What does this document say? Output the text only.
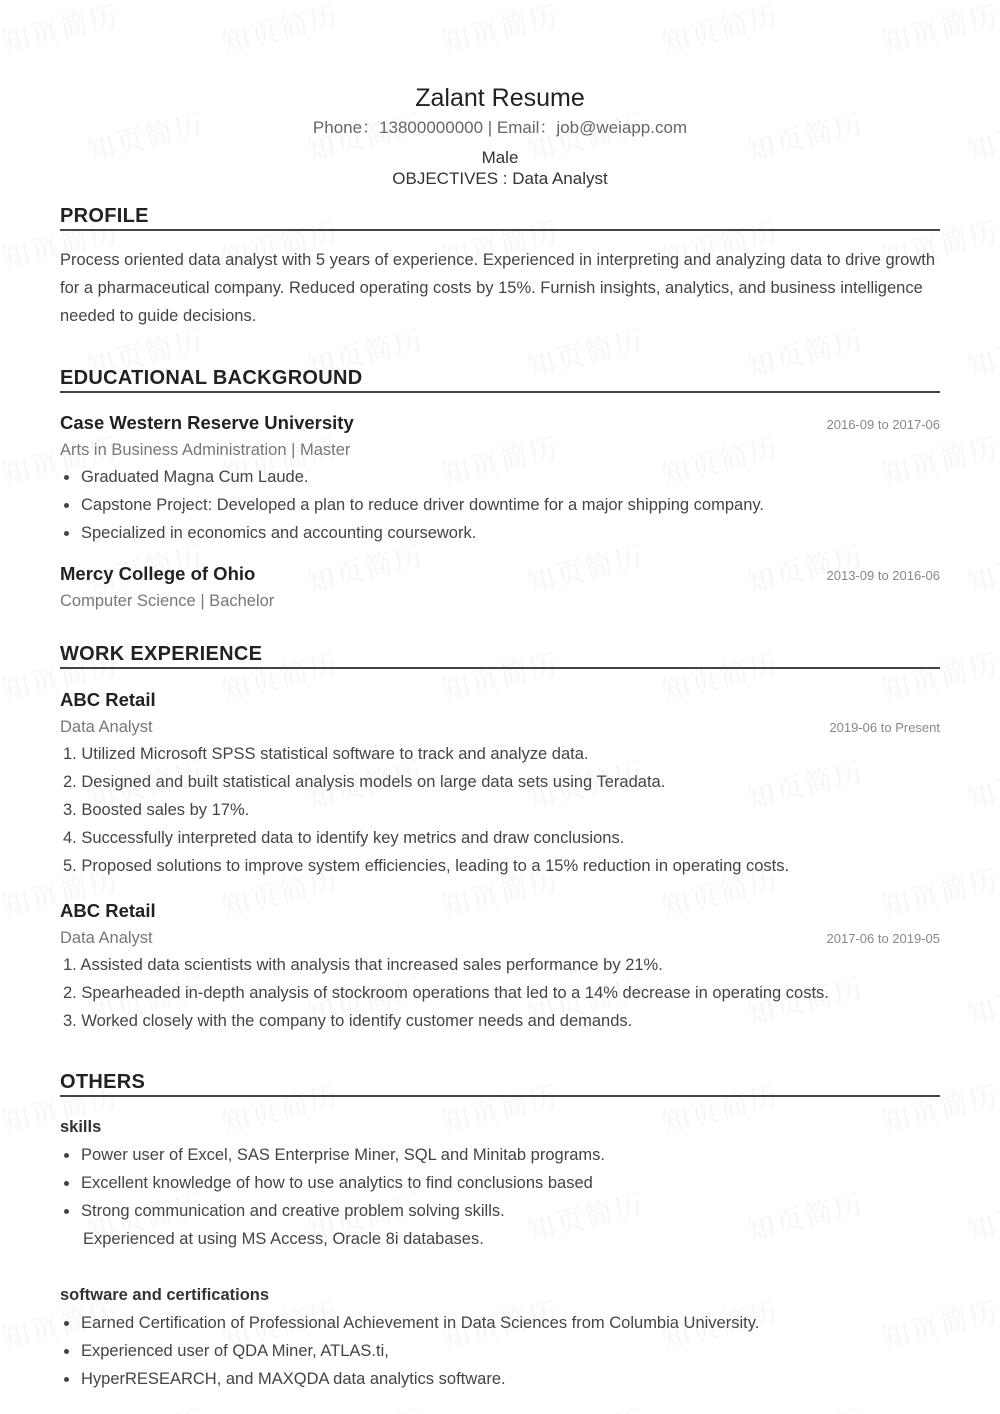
Zalant Resume
Phone：13800000000 | Email：job@weiapp.com
Male
OBJECTIVES : Data Analyst
PROFILE
Process oriented data analyst with 5 years of experience. Experienced in interpreting and analyzing data to drive growth for a pharmaceutical company. Reduced operating costs by 15%. Furnish insights, analytics, and business intelligence needed to guide decisions.
EDUCATIONAL BACKGROUND
Case Western Reserve University	2016-09 to 2017-06
Arts in Business Administration | Master
Graduated Magna Cum Laude.
Capstone Project: Developed a plan to reduce driver downtime for a major shipping company.
Specialized in economics and accounting coursework.
Mercy College of Ohio	2013-09 to 2016-06
Computer Science | Bachelor
WORK EXPERIENCE
ABC Retail
Data Analyst	2019-06 to Present
1. Utilized Microsoft SPSS statistical software to track and analyze data.
2. Designed and built statistical analysis models on large data sets using Teradata.
3. Boosted sales by 17%.
4. Successfully interpreted data to identify key metrics and draw conclusions.
5. Proposed solutions to improve system efficiencies, leading to a 15% reduction in operating costs.
ABC Retail
Data Analyst	2017-06 to 2019-05
1. Assisted data scientists with analysis that increased sales performance by 21%.
2. Spearheaded in-depth analysis of stockroom operations that led to a 14% decrease in operating costs.
3. Worked closely with the company to identify customer needs and demands.
OTHERS
skills
Power user of Excel, SAS Enterprise Miner, SQL and Minitab programs.
Excellent knowledge of how to use analytics to find conclusions based
Strong communication and creative problem solving skills.
Experienced at using MS Access, Oracle 8i databases.
software and certifications
Earned Certification of Professional Achievement in Data Sciences from Columbia University.
Experienced user of QDA Miner, ATLAS.ti,
HyperRESEARCH, and MAXQDA data analytics software.
